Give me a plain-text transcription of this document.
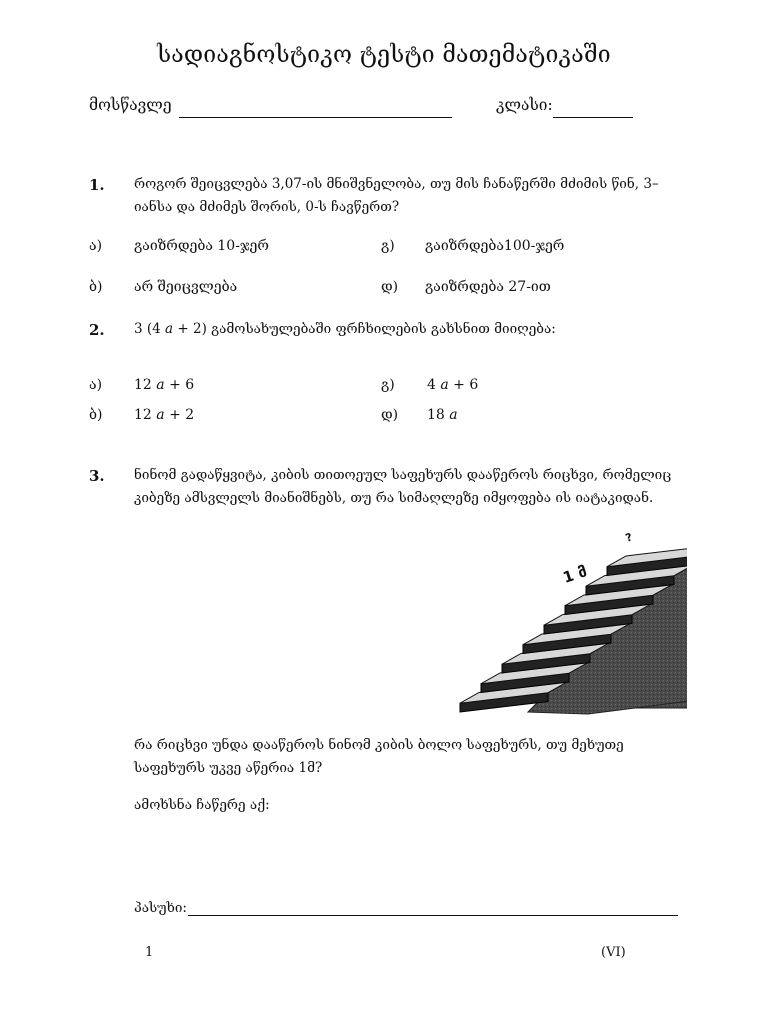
სადიაგნოსტიკო ტესტი მათემატიკაში
მოსწავლე	კლასი:
1. როგორ შეიცვლება 3,07-ის მნიშვნელობა, თუ მის ჩანაწერში მძიმის წინ, 3–
იანსა და მძიმეს შორის, 0-ს ჩავწერთ?
ა) გაიზრდება 10-ჯერ	გ) გაიზრდება100-ჯერ
ბ) არ შეიცვლება	დ) გაიზრდება 27-ით
2. 3 (4 a + 2) გამოსახულებაში ფრჩხილების გახსნით მიიღება:
ა) 12 a + 6	გ) 4 a + 6
ბ) 12 a + 2	დ) 18 a
3. ნინომ გადაწყვიტა, კიბის თითოეულ საფეხურს დააწეროს რიცხვი, რომელიც
კიბეზე ამსვლელს მიანიშნებს, თუ რა სიმაღლეზე იმყოფება ის იატაკიდან.
?
1 მ
რა რიცხვი უნდა დააწეროს ნინომ კიბის ბოლო საფეხურს, თუ მეხუთე
საფეხურს უკვე აწერია 1მ?
ამოხსნა ჩაწერე აქ:
პასუხი:
1	(VI)
